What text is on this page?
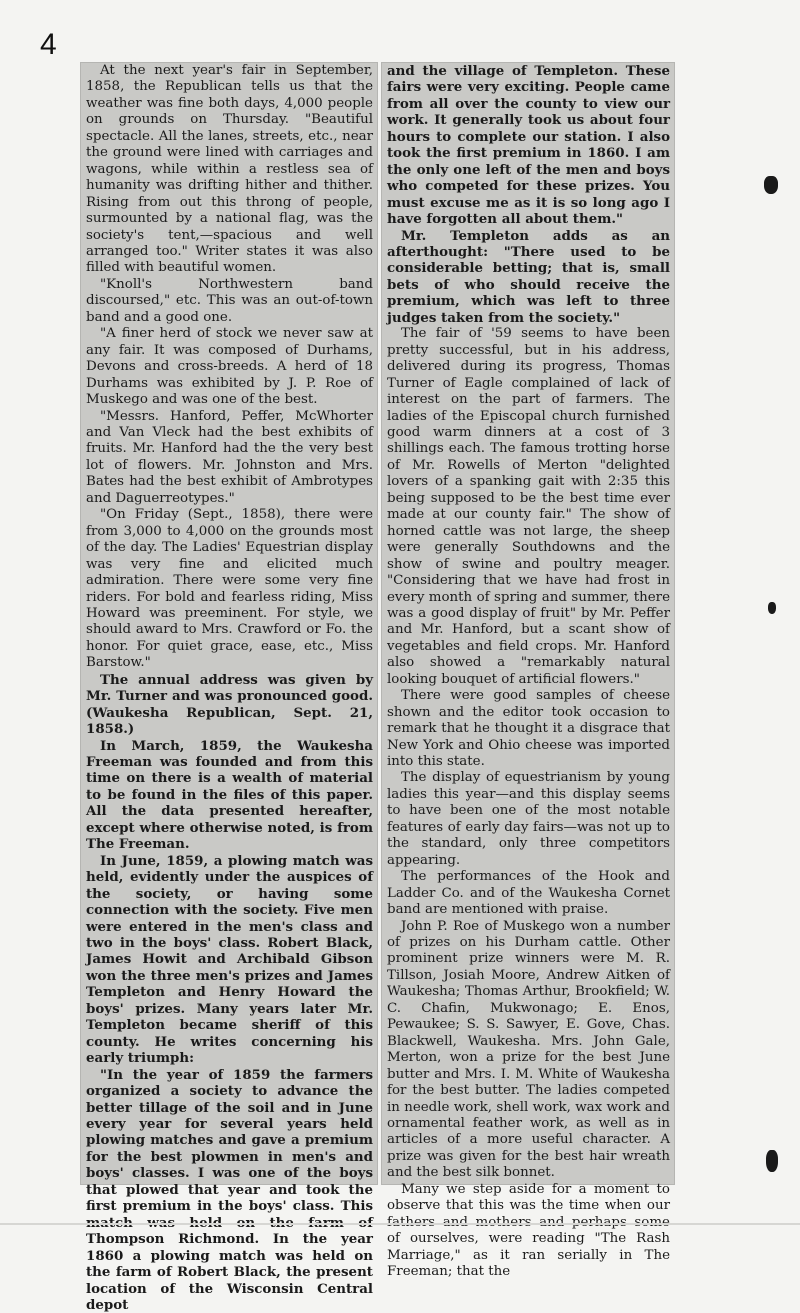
4

At the next year's fair in September, 1858, the Republican tells us that the weather was fine both days, 4,000 people on grounds on Thursday. "Beautiful spectacle. All the lanes, streets, etc., near the ground were lined with carriages and wagons, while within a restless sea of humanity was drifting hither and thither. Rising from out this throng of people, surmounted by a national flag, was the society's tent,—spacious and well arranged too." Writer states it was also filled with beautiful women.

"Knoll's Northwestern band discoursed," etc. This was an out-of-town band and a good one.

"A finer herd of stock we never saw at any fair. It was composed of Durhams, Devons and cross-breeds. A herd of 18 Durhams was exhibited by J. P. Roe of Muskego and was one of the best.

"Messrs. Hanford, Peffer, McWhorter and Van Vleck had the best exhibits of fruits. Mr. Hanford had the the very best lot of flowers. Mr. Johnston and Mrs. Bates had the best exhibit of Ambrotypes and Daguerreotypes."

"On Friday (Sept., 1858), there were from 3,000 to 4,000 on the grounds most of the day. The Ladies' Equestrian display was very fine and elicited much admiration. There were some very fine riders. For bold and fearless riding, Miss Howard was preeminent. For style, we should award to Mrs. Crawford or Fo. the honor. For quiet grace, ease, etc., Miss Barstow."

The annual address was given by Mr. Turner and was pronounced good. (Waukesha Republican, Sept. 21, 1858.)

In March, 1859, the Waukesha Freeman was founded and from this time on there is a wealth of material to be found in the files of this paper. All the data presented hereafter, except where otherwise noted, is from The Freeman.

In June, 1859, a plowing match was held, evidently under the auspices of the society, or having some connection with the society. Five men were entered in the men's class and two in the boys' class. Robert Black, James Howit and Archibald Gibson won the three men's prizes and James Templeton and Henry Howard the boys' prizes. Many years later Mr. Templeton became sheriff of this county. He writes concerning his early triumph:

"In the year of 1859 the farmers organized a society to advance the better tillage of the soil and in June every year for several years held plowing matches and gave a premium for the best plowmen in men's and boys' classes. I was one of the boys that plowed that year and took the first premium in the boys' class. This Thompson Richmond. In the year 1860 a plowing match was held on the farm of Robert Black, the present location of the Wisconsin Central depot

and the village of Templeton. These fairs were very exciting. People came from all over the county to view our work. It generally took us about four hours to complete our station. I also took the first premium in 1860. I am the only one left of the men and boys who competed for these prizes. You must excuse me as it is so long ago I have forgotten all about them."

Mr. Templeton adds as an afterthought: "There used to be considerable betting; that is, small bets of who should receive the premium, which was left to three judges taken from the society."

The fair of '59 seems to have been pretty successful, but in his address, delivered during its progress, Thomas Turner of Eagle complained of lack of interest on the part of farmers. The ladies of the Episcopal church furnished good warm dinners at a cost of 3 shillings each. The famous trotting horse of Mr. Rowells of Merton "delighted lovers of a spanking gait with 2:35 this being supposed to be the best time ever made at our county fair." The show of horned cattle was not large, the sheep were generally Southdowns and the show of swine and poultry meager. "Considering that we have had frost in every month of spring and summer, there was a good display of fruit" by Mr. Peffer and Mr. Hanford, but a scant show of vegetables and field crops. Mr. Hanford also showed a "remarkably natural looking bouquet of artificial flowers."

There were good samples of cheese shown and the editor took occasion to remark that he thought it a disgrace that New York and Ohio cheese was imported into this state.

The display of equestrianism by young ladies this year—and this display seems to have been one of the most notable features of early day fairs—was not up to the standard, only three competitors appearing.

The performances of the Hook and Ladder Co. and of the Waukesha Cornet band are mentioned with praise.

John P. Roe of Muskego won a number of prizes on his Durham cattle. Other prominent prize winners were M. R. Tillson, Josiah Moore, Andrew Aitken of Waukesha; Thomas Arthur, Brookfield; W. C. Chafin, Mukwonago; E. Enos, Pewaukee; S. S. Sawyer, E. Gove, Chas. Blackwell, Waukesha. Mrs. John Gale, Merton, won a prize for the best June butter and Mrs. I. M. White of Waukesha for the best butter. The ladies competed in needle work, shell work, wax work and ornamental feather work, as well as in articles of a more useful character. A prize was given for the best hair wreath and the best silk bonnet.

Many we step aside for a moment to observe that this was the time when our of ourselves, were reading "The Rash Marriage," as it ran serially in The Freeman; that the
